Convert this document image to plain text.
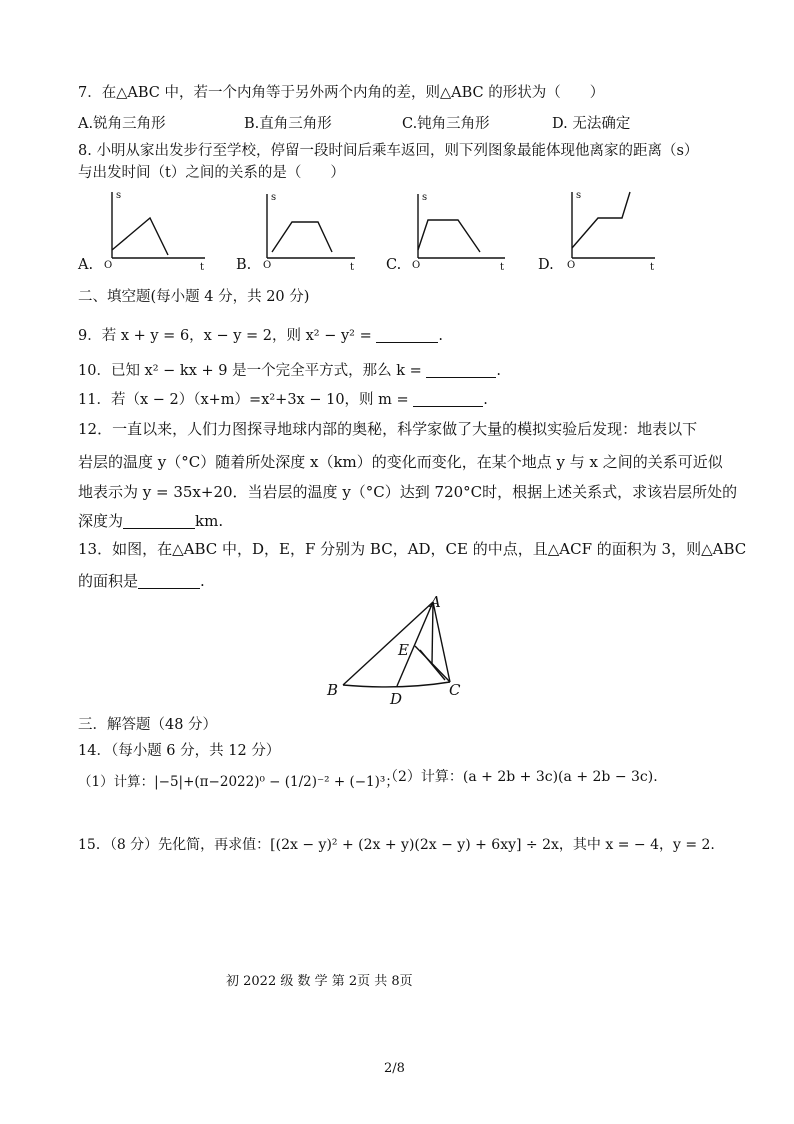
7．在△ABC 中，若一个内角等于另外两个内角的差，则△ABC 的形状为（　　）
A.锐角三角形	B.直角三角形	C.钝角三角形	D. 无法确定
8. 小明从家出发步行至学校，停留一段时间后乘车返回，则下列图象最能体现他离家的距离（s）
与出发时间（t）之间的关系的是（　　）
s	s	s	s
O	O	O	O
t	t	t	t
A.	B.	C.	D.
二、填空题(每小题 4 分，共 20 分)
9．若 x + y = 6，x − y = 2，则 x² − y² =	.
10．已知 x² − kx + 9 是一个完全平方式，那么 k =	.
11．若（x − 2）（x+m）=x²+3x − 10，则 m =	.
12．一直以来，人们力图探寻地球内部的奥秘，科学家做了大量的模拟实验后发现：地表以下
岩层的温度 y（°C）随着所处深度 x（km）的变化而变化，在某个地点 y 与 x 之间的关系可近似
地表示为 y = 35x+20．当岩层的温度 y（°C）达到 720°C时，根据上述关系式，求该岩层所处的
深度为	km.
13．如图，在△ABC 中，D，E，F 分别为 BC，AD，CE 的中点，且△ACF 的面积为 3，则△ABC
的面积是	.
A
E
B	D	C
三．解答题（48 分）
14．（每小题 6 分，共 12 分）
（1）计算：|−5|+(π−2022)⁰ − (1/2)⁻² + (−1)³；
（2）计算：(a + 2b + 3c)(a + 2b − 3c).
15．（8 分）先化简，再求值：[(2x − y)² + (2x + y)(2x − y) + 6xy] ÷ 2x，其中 x = − 4，y = 2.
初 2022 级 数 学 第 2页 共 8页
2/8
